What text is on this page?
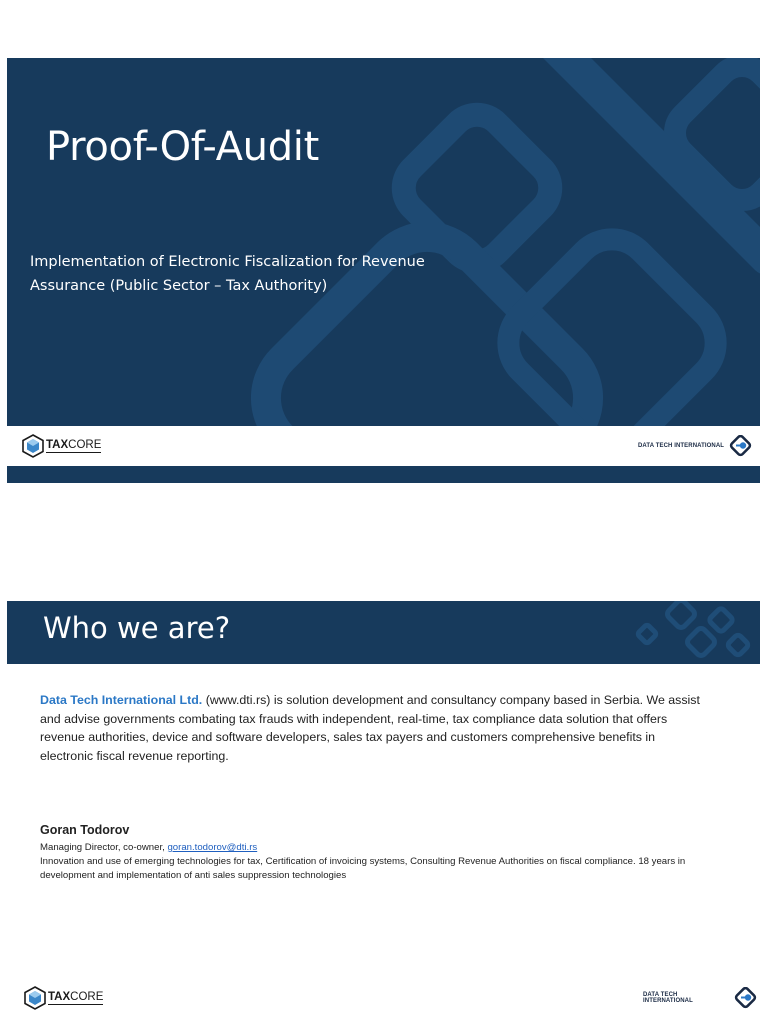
Proof-Of-Audit
Implementation of Electronic Fiscalization for Revenue Assurance (Public Sector – Tax Authority)
TAXCORE	DATA TECH INTERNATIONAL
Who we are?
Data Tech International Ltd. (www.dti.rs) is solution development and consultancy company based in Serbia. We assist and advise governments combating tax frauds with independent, real-time, tax compliance data solution that offers revenue authorities, device and software developers, sales tax payers and customers comprehensive benefits in electronic fiscal revenue reporting.
Goran Todorov
Managing Director, co-owner, goran.todorov@dti.rs
Innovation and use of emerging technologies for tax, Certification of invoicing systems, Consulting Revenue Authorities on fiscal compliance. 18 years in development and implementation of anti sales suppression technologies
TAXCORE	DATA TECH INTERNATIONAL
